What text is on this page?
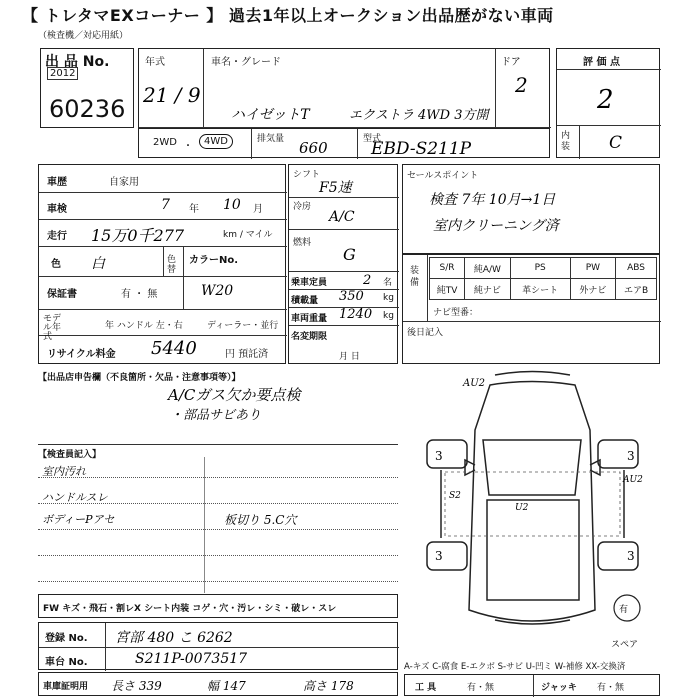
【 トレタマEXコーナー 】 過去1年以上オークション出品歴がない車両
（検査機／対応用紙）
出 品 No.
2012
60236
年式
21 / 9
車名・グレード
ハイゼットT	エクストラ 4WD 3方開
ドア
2
2WD ・	4WD	排気量 660	型式
EBD-S211P
評 価 点
2
内装 C
車歴	自家用
車検	7 年 10 月
走行 15万0千277	km / マイル
色 白	色替
カラーNo.
W20
保証書	有 ・ 無
モデル年式
年 ハンドル 左・右	ディーラー・並行
リサイクル料金 5440	円 預託済
シフト
F5速
冷房
A/C
燃料
G
乗車定員	2 名
積載量 350 kg
車両重量 1240 kg
名変期限
月 日
セールスポイント
検査 7年 10月→1日
室内クリーニング済
装備
S/R	純A/W	PS	PW	ABS
純TV	純ナビ	革シート	外ナビ	エアB
ナビ型番：
後日記入
【出品店申告欄（不良箇所・欠品・注意事項等）】
A/Cガス欠か要点検
・部品サビあり
【検査員記入】
室内汚れ
ハンドルスレ
ボディーPアセ	板切り 5.C穴
AU2
3	3
3	3
S2
U2
AU2
有
スペア
FW キズ・飛石・割レX シート内装 コゲ・穴・汚レ・シミ・破レ・スレ
登録 No. 宮部 480 こ 6262
車台 No.	S211P-0073517
車庫証明用 長さ 339	幅 147	高さ 178
A-キズ C-腐食 E-エクボ S-サビ U-凹ミ W-補修 XX-交換済
工 具	有・無	ジャッキ 有・無
